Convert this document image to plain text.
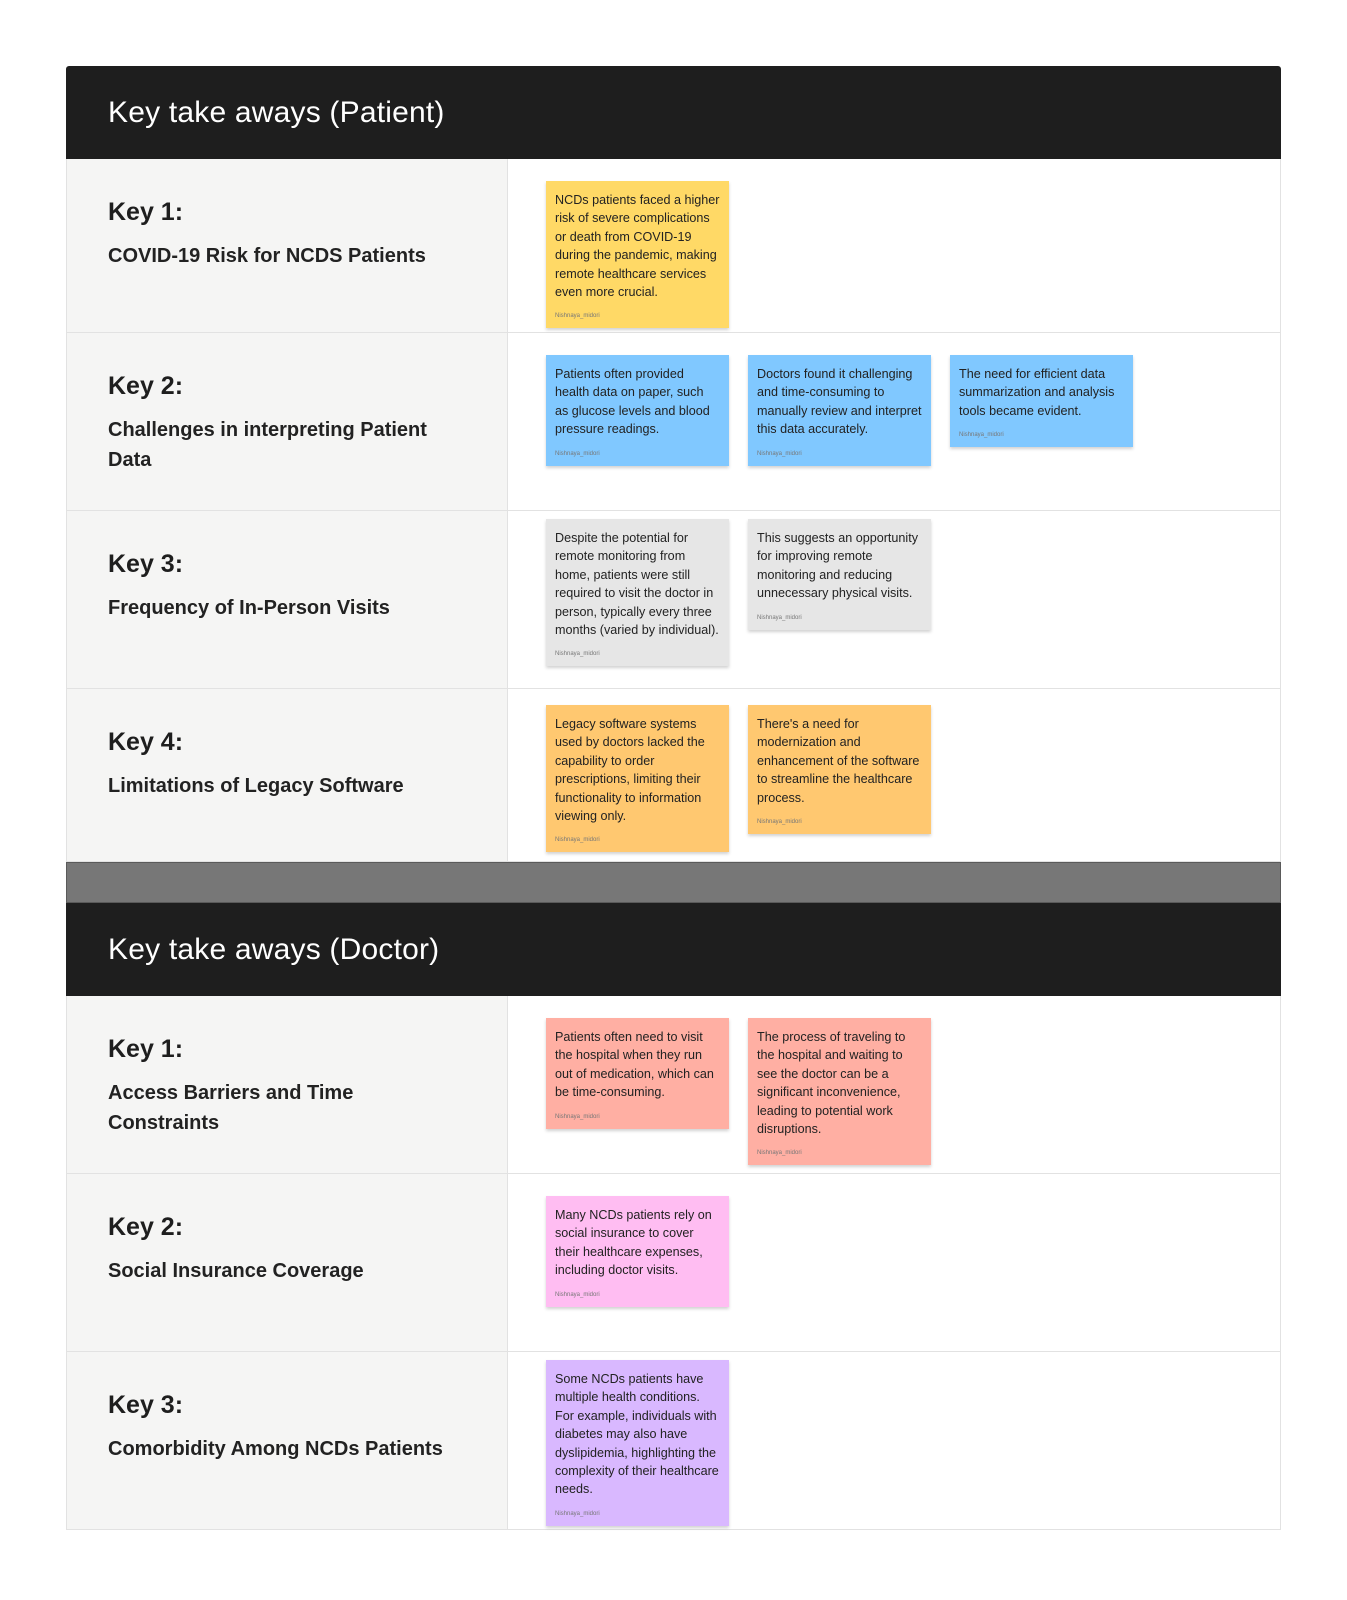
Key take aways (Patient)
Key 1:
COVID-19 Risk for NCDS Patients

NCDs patients faced a higher risk of severe complications or death from COVID-19 during the pandemic, making remote healthcare services even more crucial.

Nishnaya_midori
Key 2:
Challenges in interpreting Patient Data

Patients often provided health data on paper, such as glucose levels and blood pressure readings.

Nishnaya_midori

Doctors found it challenging and time-consuming to manually review and interpret this data accurately.

Nishnaya_midori

The need for efficient data summarization and analysis tools became evident.

Nishnaya_midori
Key 3:
Frequency of In-Person Visits

Despite the potential for remote monitoring from home, patients were still required to visit the doctor in person, typically every three months (varied by individual).

Nishnaya_midori

This suggests an opportunity for improving remote monitoring and reducing unnecessary physical visits.

Nishnaya_midori
Key 4:
Limitations of Legacy Software

Legacy software systems used by doctors lacked the capability to order prescriptions, limiting their functionality to information viewing only.

Nishnaya_midori

There's a need for modernization and enhancement of the software to streamline the healthcare process.

Nishnaya_midori
Key take aways (Doctor)
Key 1:
Access Barriers and Time Constraints

Patients often need to visit the hospital when they run out of medication, which can be time-consuming.

Nishnaya_midori

The process of traveling to the hospital and waiting to see the doctor can be a significant inconvenience, leading to potential work disruptions.

Nishnaya_midori
Key 2:
Social Insurance Coverage

Many NCDs patients rely on social insurance to cover their healthcare expenses, including doctor visits.

Nishnaya_midori
Key 3:
Comorbidity Among NCDs Patients

Some NCDs patients have multiple health conditions. For example, individuals with diabetes may also have dyslipidemia, highlighting the complexity of their healthcare needs.

Nishnaya_midori
